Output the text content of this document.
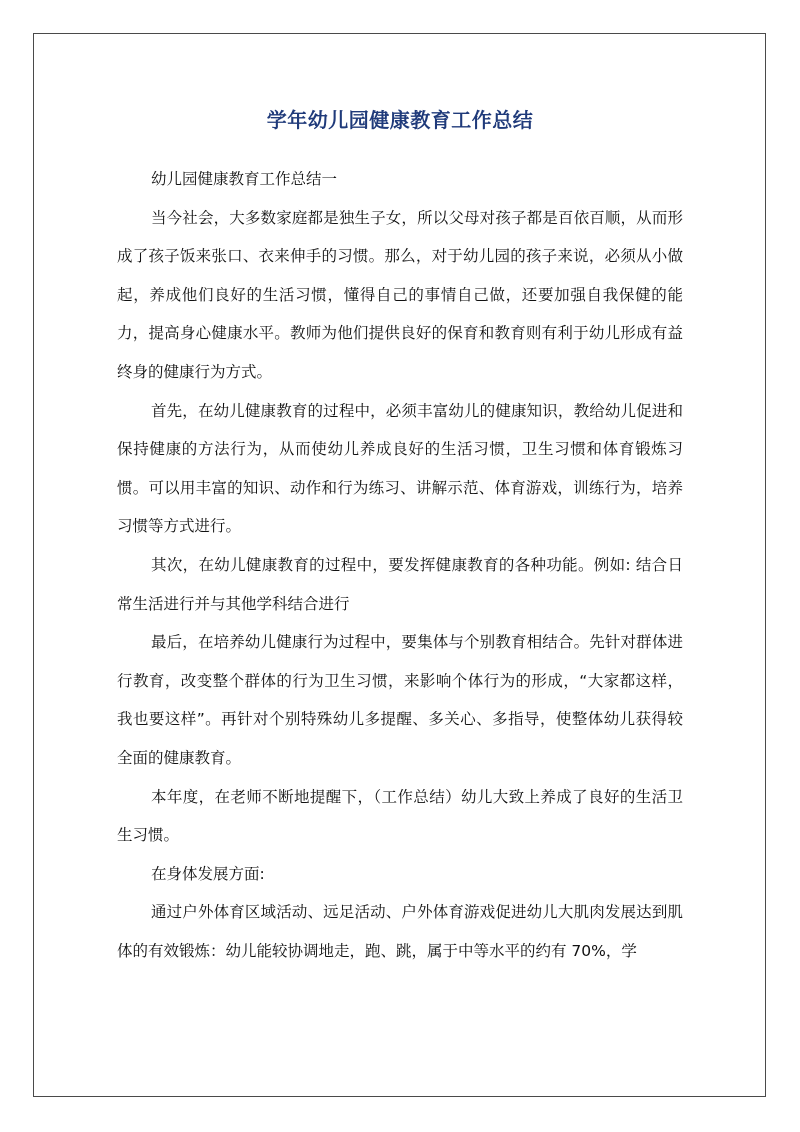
学年幼儿园健康教育工作总结

幼儿园健康教育工作总结一

当今社会，大多数家庭都是独生子女，所以父母对孩子都是百依百顺，从而形成了孩子饭来张口、衣来伸手的习惯。那么，对于幼儿园的孩子来说，必须从小做起，养成他们良好的生活习惯，懂得自己的事情自己做，还要加强自我保健的能力，提高身心健康水平。教师为他们提供良好的保育和教育则有利于幼儿形成有益终身的健康行为方式。

首先，在幼儿健康教育的过程中，必须丰富幼儿的健康知识，教给幼儿促进和保持健康的方法行为，从而使幼儿养成良好的生活习惯，卫生习惯和体育锻炼习惯。可以用丰富的知识、动作和行为练习、讲解示范、体育游戏，训练行为，培养习惯等方式进行。

其次，在幼儿健康教育的过程中，要发挥健康教育的各种功能。例如: 结合日常生活进行并与其他学科结合进行

最后，在培养幼儿健康行为过程中，要集体与个别教育相结合。先针对群体进行教育，改变整个群体的行为卫生习惯，来影响个体行为的形成，“大家都这样，我也要这样”。再针对个别特殊幼儿多提醒、多关心、多指导，使整体幼儿获得较全面的健康教育。

本年度，在老师不断地提醒下，（工作总结）幼儿大致上养成了良好的生活卫生习惯。

在身体发展方面:

通过户外体育区域活动、远足活动、户外体育游戏促进幼儿大肌肉发展达到肌体的有效锻炼：幼儿能较协调地走，跑、跳，属于中等水平的约有 70%，学
